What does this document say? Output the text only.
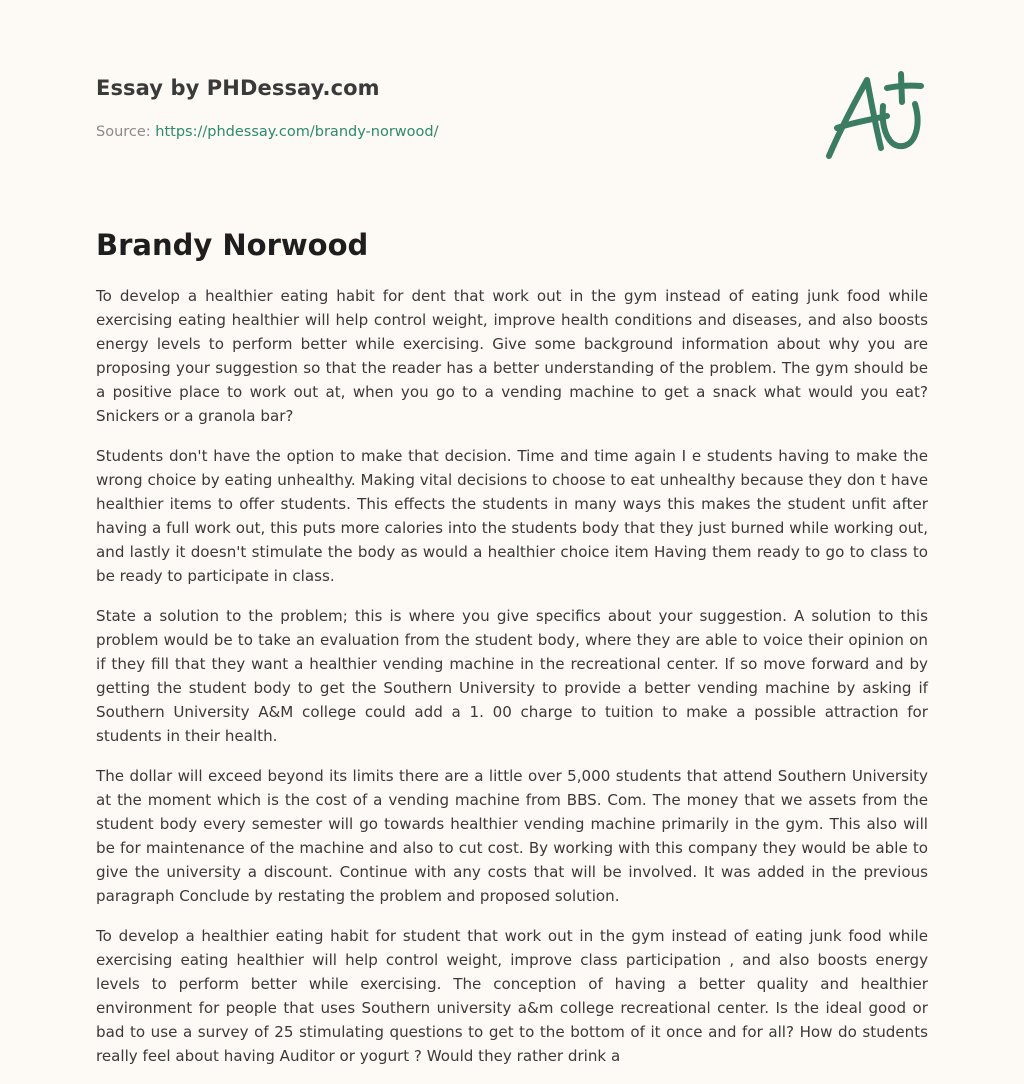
Essay by PHDessay.com
Source: https://phdessay.com/brandy-norwood/
Brandy Norwood

To develop a healthier eating habit for dent that work out in the gym instead of eating junk food while exercising eating healthier will help control weight, improve health conditions and diseases, and also boosts energy levels to perform better while exercising. Give some background information about why you are proposing your suggestion so that the reader has a better understanding of the problem. The gym should be a positive place to work out at, when you go to a vending machine to get a snack what would you eat? Snickers or a granola bar?

Students don't have the option to make that decision. Time and time again I e students having to make the wrong choice by eating unhealthy. Making vital decisions to choose to eat unhealthy because they don t have healthier items to offer students. This effects the students in many ways this makes the student unfit after having a full work out, this puts more calories into the students body that they just burned while working out, and lastly it doesn't stimulate the body as would a healthier choice item Having them ready to go to class to be ready to participate in class.

State a solution to the problem; this is where you give specifics about your suggestion. A solution to this problem would be to take an evaluation from the student body, where they are able to voice their opinion on if they fill that they want a healthier vending machine in the recreational center. If so move forward and by getting the student body to get the Southern University to provide a better vending machine by asking if Southern University A&M college could add a 1. 00 charge to tuition to make a possible attraction for students in their health.

The dollar will exceed beyond its limits there are a little over 5,000 students that attend Southern University at the moment which is the cost of a vending machine from BBS. Com. The money that we assets from the student body every semester will go towards healthier vending machine primarily in the gym. This also will be for maintenance of the machine and also to cut cost. By working with this company they would be able to give the university a discount. Continue with any costs that will be involved. It was added in the previous paragraph Conclude by restating the problem and proposed solution.

To develop a healthier eating habit for student that work out in the gym instead of eating junk food while exercising eating healthier will help control weight, improve class participation , and also boosts energy levels to perform better while exercising. The conception of having a better quality and healthier environment for people that uses Southern university a&m college recreational center. Is the ideal good or bad to use a survey of 25 stimulating questions to get to the bottom of it once and for all? How do students really feel about having Auditor or yogurt ? Would they rather drink a
